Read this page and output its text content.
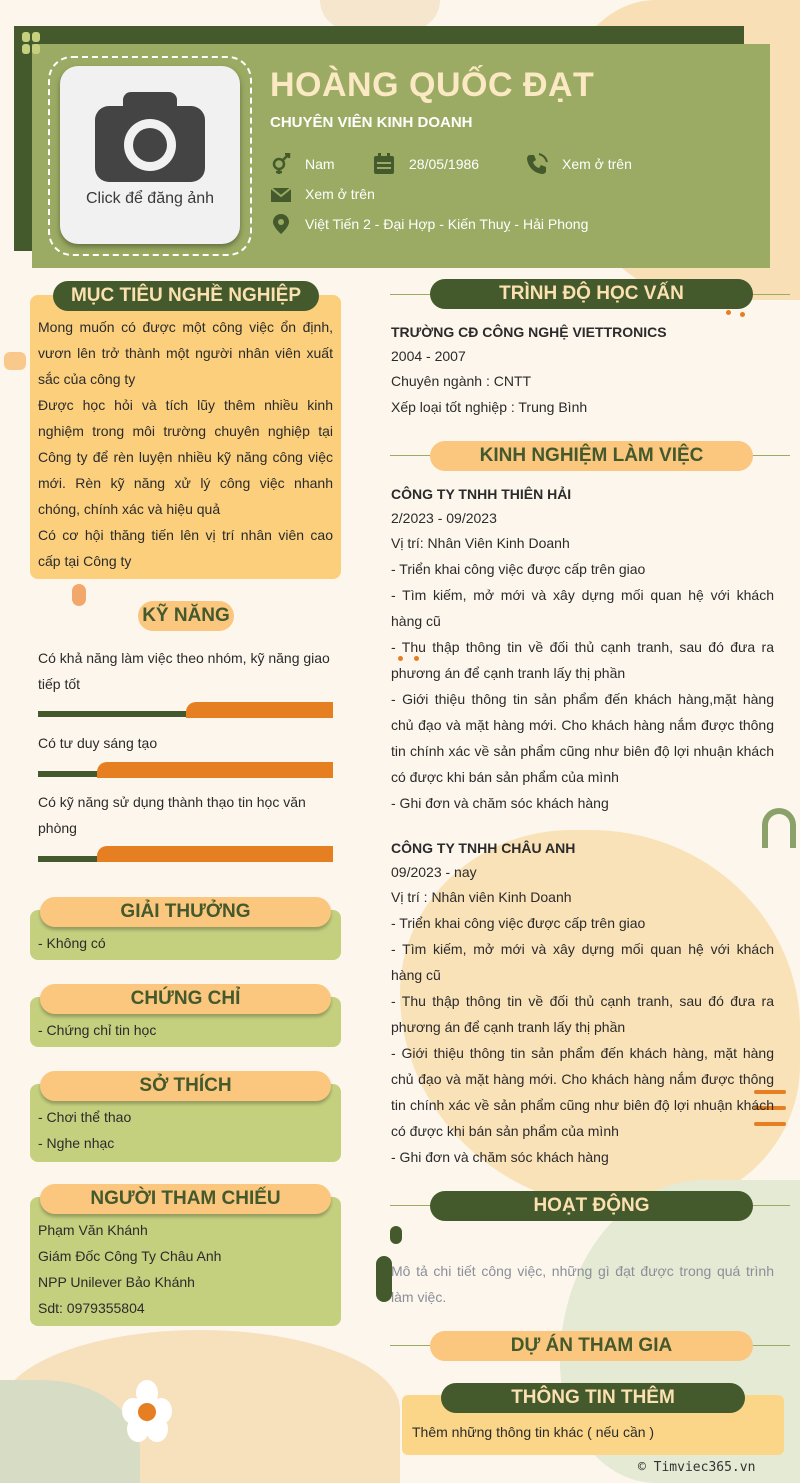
Click để đăng ảnh
HOÀNG QUỐC ĐẠT
CHUYÊN VIÊN KINH DOANH
Nam	28/05/1986	Xem ở trên
Xem ở trên
Việt Tiến 2 - Đại Hợp - Kiến Thuỵ - Hải Phong
MỤC TIÊU NGHỀ NGHIỆP
Mong muốn có được một công việc ổn định, vươn lên trở thành một người nhân viên xuất sắc của công ty
Được học hỏi và tích lũy thêm nhiều kinh nghiệm trong môi trường chuyên nghiệp tại Công ty để rèn luyện nhiều kỹ năng công việc mới. Rèn kỹ năng xử lý công việc nhanh chóng, chính xác và hiệu quả
Có cơ hội thăng tiến lên vị trí nhân viên cao cấp tại Công ty
KỸ NĂNG
Có khả năng làm việc theo nhóm, kỹ năng giao tiếp tốt
Có tư duy sáng tạo
Có kỹ năng sử dụng thành thạo tin học văn phòng
GIẢI THƯỞNG
- Không có
CHỨNG CHỈ
- Chứng chỉ tin học
SỞ THÍCH
- Chơi thể thao
- Nghe nhạc
NGƯỜI THAM CHIẾU
Phạm Văn Khánh
Giám Đốc Công Ty Châu Anh
NPP Unilever Bảo Khánh
Sdt: 0979355804
TRÌNH ĐỘ HỌC VẤN
TRƯỜNG CĐ CÔNG NGHỆ VIETTRONICS
2004 - 2007
Chuyên ngành : CNTT
Xếp loại tốt nghiệp : Trung Bình
KINH NGHIỆM LÀM VIỆC
CÔNG TY TNHH THIÊN HẢI
2/2023 - 09/2023
Vị trí: Nhân Viên Kinh Doanh
- Triển khai công việc được cấp trên giao
- Tìm kiếm, mở mới và xây dựng mối quan hệ với khách hàng cũ
- Thu thập thông tin về đối thủ cạnh tranh, sau đó đưa ra phương án để cạnh tranh lấy thị phần
- Giới thiệu thông tin sản phẩm đến khách hàng,mặt hàng chủ đạo và mặt hàng mới. Cho khách hàng nắm được thông tin chính xác về sản phẩm cũng như biên độ lợi nhuận khách có được khi bán sản phẩm của mình
- Ghi đơn và chăm sóc khách hàng
CÔNG TY TNHH CHÂU ANH
09/2023 - nay
Vị trí : Nhân viên Kinh Doanh
- Triển khai công việc được cấp trên giao
- Tìm kiếm, mở mới và xây dựng mối quan hệ với khách hàng cũ
- Thu thập thông tin về đối thủ cạnh tranh, sau đó đưa ra phương án để cạnh tranh lấy thị phần
- Giới thiệu thông tin sản phẩm đến khách hàng, mặt hàng chủ đạo và mặt hàng mới. Cho khách hàng nắm được thông tin chính xác về sản phẩm cũng như biên độ lợi nhuận khách có được khi bán sản phẩm của mình
- Ghi đơn và chăm sóc khách hàng
HOẠT ĐỘNG
Mô tả chi tiết công việc, những gì đạt được trong quá trình làm việc.
DỰ ÁN THAM GIA
THÔNG TIN THÊM
Thêm những thông tin khác ( nếu cần )
© Timviec365.vn
